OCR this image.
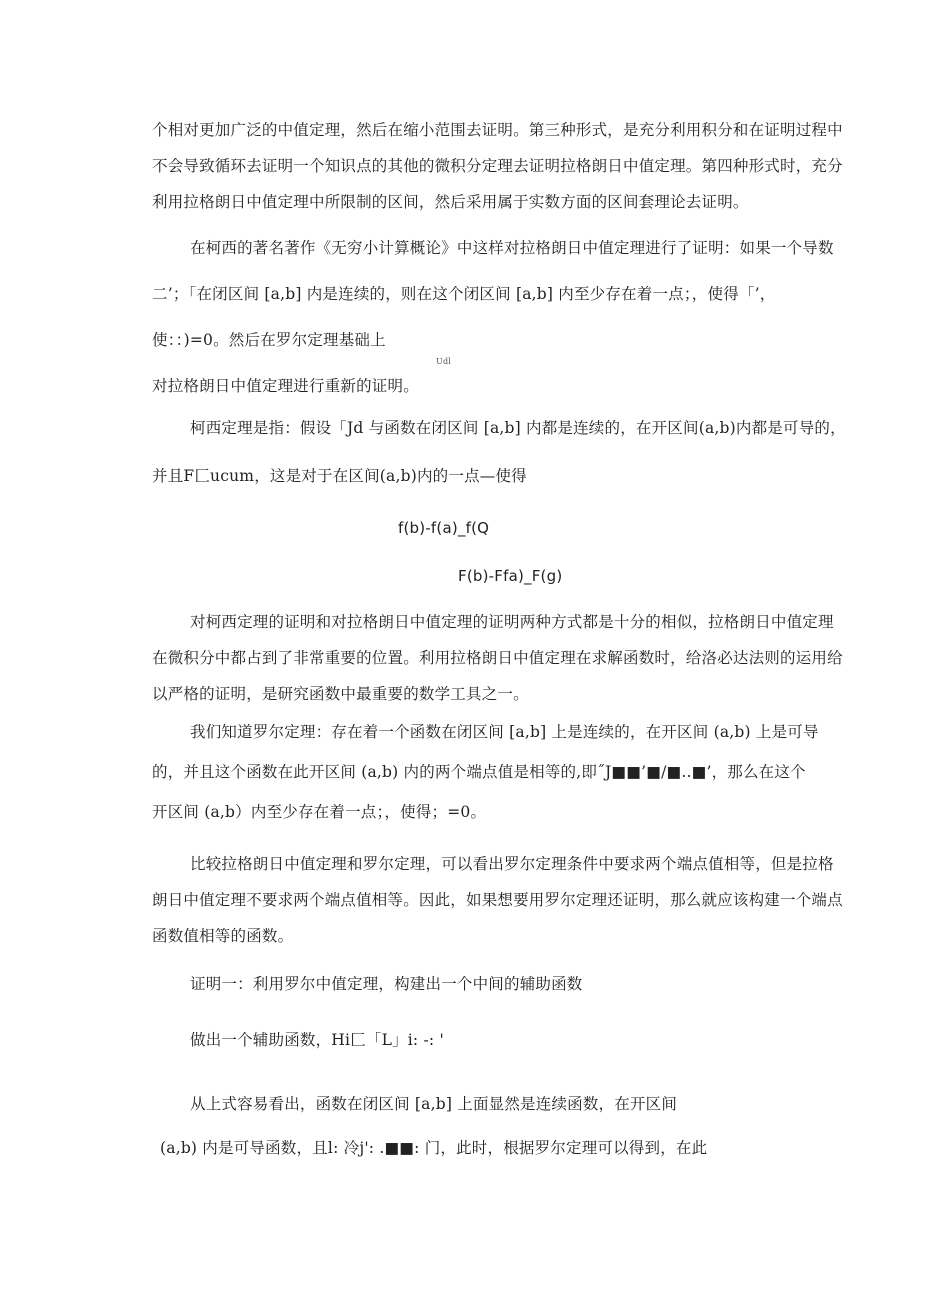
个相对更加广泛的中值定理，然后在缩小范围去证明。第三种形式，是充分利用积分和在证明过程中
不会导致循环去证明一个知识点的其他的微积分定理去证明拉格朗日中值定理。第四种形式时，充分
利用拉格朗日中值定理中所限制的区间，然后采用属于实数方面的区间套理论去证明。
在柯西的著名著作《无穷小计算概论》中这样对拉格朗日中值定理进行了证明：如果一个导数
二’；「在闭区间 [a,b] 内是连续的，则在这个闭区间 [a,b] 内至少存在着一点；，使得「’，
使：：)=0。然后在罗尔定理基础上
Udl
对拉格朗日中值定理进行重新的证明。
柯西定理是指：假设「Jd 与函数在闭区间 [a,b] 内都是连续的，在开区间(a,b)内都是可导的，
并且F匚ucum，这是对于在区间(a,b)内的一点—使得
f(b)-f(a)_f(Q
F(b)-Ffa)_F(g)
对柯西定理的证明和对拉格朗日中值定理的证明两种方式都是十分的相似，拉格朗日中值定理
在微积分中都占到了非常重要的位置。利用拉格朗日中值定理在求解函数时，给洛必达法则的运用给
以严格的证明，是研究函数中最重要的数学工具之一。
我们知道罗尔定理：存在着一个函数在闭区间 [a,b] 上是连续的，在开区间 (a,b) 上是可导
的，并且这个函数在此开区间 (a,b) 内的两个端点值是相等的,即˝J■■’■/■..■’，那么在这个
开区间 (a,b）内至少存在着一点；，使得；=0。
比较拉格朗日中值定理和罗尔定理，可以看出罗尔定理条件中要求两个端点值相等，但是拉格
朗日中值定理不要求两个端点值相等。因此，如果想要用罗尔定理还证明，那么就应该构建一个端点
函数值相等的函数。
证明一：利用罗尔中值定理，构建出一个中间的辅助函数
做出一个辅助函数，Hi匚「L」i: -: '
从上式容易看出，函数在闭区间 [a,b] 上面显然是连续函数，在开区间
(a,b) 内是可导函数，且l: 冷j': .■■: 门，此时，根据罗尔定理可以得到，在此
